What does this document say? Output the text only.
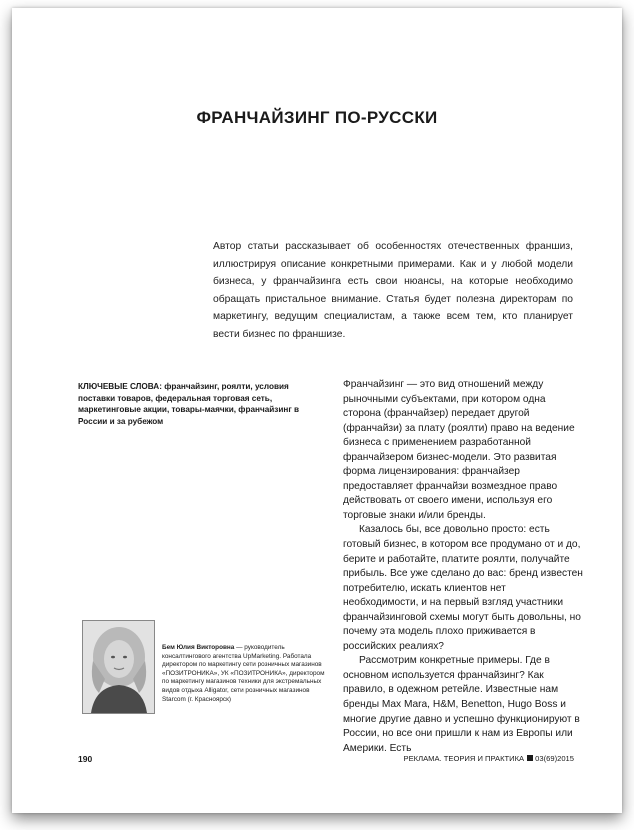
ФРАНЧАЙЗИНГ ПО-РУССКИ

Автор статьи рассказывает об особенностях отечественных франшиз, иллюстрируя описание конкретными примерами. Как и у любой модели бизнеса, у франчайзинга есть свои нюансы, на которые необходимо обращать пристальное внимание. Статья будет полезна директорам по маркетингу, ведущим специалистам, а также всем тем, кто планирует вести бизнес по франшизе.

КЛЮЧЕВЫЕ СЛОВА: франчайзинг, роялти, условия поставки товаров, федеральная торговая сеть, маркетинговые акции, товары-маячки, франчайзинг в России и за рубежом

Франчайзинг — это вид отношений между рыночными субъектами, при котором одна сторона (франчайзер) передает другой (франчайзи) за плату (роялти) право на ведение бизнеса с применением разработанной франчайзером бизнес-модели. Это развитая форма лицензирования: франчайзер предоставляет франчайзи возмездное право действовать от своего имени, используя его торговые знаки и/или бренды.

Казалось бы, все довольно просто: есть готовый бизнес, в котором все продумано от и до, берите и работайте, платите роялти, получайте прибыль. Все уже сделано до вас: бренд известен потребителю, искать клиентов нет необходимости, и на первый взгляд участники франчайзинговой схемы могут быть довольны, но почему эта модель плохо приживается в российских реалиях?

Рассмотрим конкретные примеры. Где в основном используется франчайзинг? Как правило, в одежном ретейле. Известные нам бренды Max Mara, H&M, Benetton, Hugo Boss и многие другие давно и успешно функционируют в России, но все они пришли к нам из Европы или Америки. Есть

Бем Юлия Викторовна — руководитель консалтингового агентства UpMarketing. Работала директором по маркетингу сети розничных магазинов «ПОЗИТРОНИКА», УК «ПОЗИТРОНИКА», директором по маркетингу магазинов техники для экстремальных видов отдыха Alligator, сети розничных магазинов Starcom (г. Красноярск)
190	РЕКЛАМА. ТЕОРИЯ И ПРАКТИКА 03(69)2015
